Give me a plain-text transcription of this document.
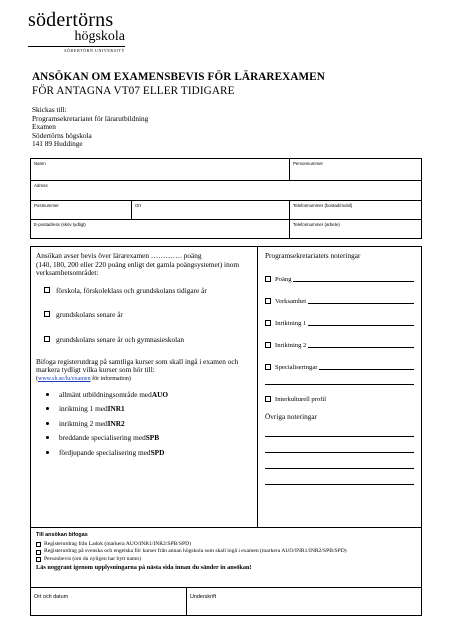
södertörns
högskola
SÖDERTÖRN UNIVERSITY
ANSÖKAN OM EXAMENSBEVIS FÖR LÄRAREXAMEN
FÖR ANTAGNA VT07 ELLER TIDIGARE
Skickas till:
Programsekretariatet för lärarutbildning
Examen
Södertörns högskola
141 89 Huddinge
Namn	Personnummer
Adress
Postnummer	Ort	Telefonnummer (bostad/mobil)
E-postadress (skriv tydligt)	Telefonnummer (arbete)
Ansökan avser bevis över lärarexamen …………. poäng
(140, 180, 200 eller 220 poäng enligt det gamla poängsystemet) inom verksamhetsområdet:
förskola, förskoleklass och grundskolans tidigare år
grundskolans senare år
grundskolans senare år och gymnasieskolan
Bifoga registerutdrag på samtliga kurser som skall ingå i examen och markera tydligt vilka kurser som hör till:
(www.sh.se/lu/examen för information)
allmänt utbildningsområde med AUO
inriktning 1 med INR1
inriktning 2 med INR2
breddande specialisering med SPB
fördjupande specialisering med SPD
Programsekretariatets noteringar
Poäng
Verksamhet
Inriktning 1
Inriktning 2
Specialiseringar
Interkulturell profil
Övriga noteringar
Till ansökan bifogas
Registerutdrag från Ladok (markera AUO/INR1/INR2/SPB/SPD)
Registerutdrag på svenska och engelska för kurser från annan högskola som skall ingå i examen (markera AUO/INR1/INR2/SPB/SPD)
Personbevis (om du nyligen har bytt namn)
Läs noggrant igenom upplysningarna på nästa sida innan du sänder in ansökan!
Ort och datum	Underskrift
